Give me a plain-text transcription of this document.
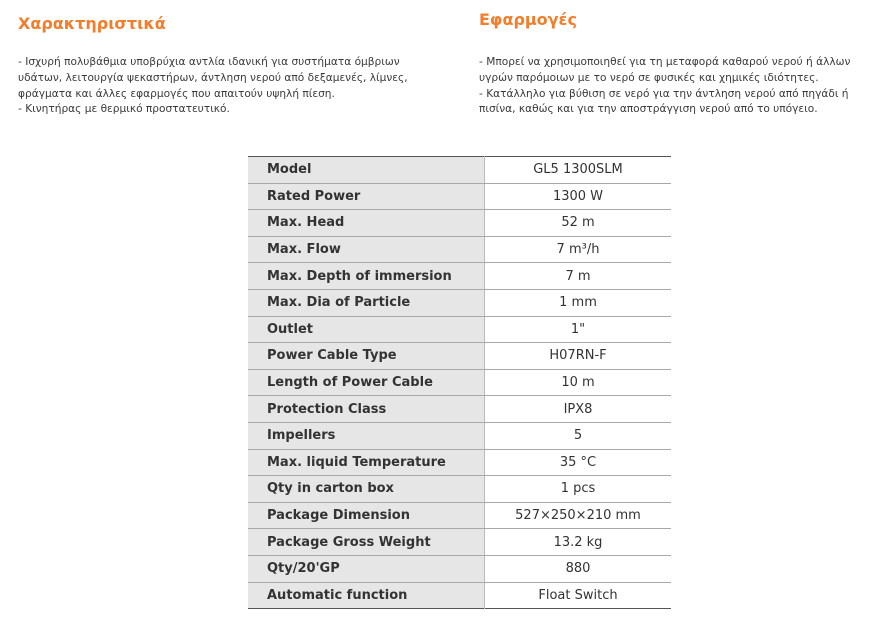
Χαρακτηριστικά
- Ισχυρή πολυβάθμια υποβρύχια αντλία ιδανική για συστήματα όμβριων
υδάτων, λειτουργία ψεκαστήρων, άντληση νερού από δεξαμενές, λίμνες,
φράγματα και άλλες εφαρμογές που απαιτούν υψηλή πίεση.
- Κινητήρας με θερμικό προστατευτικό.
Εφαρμογές
- Μπορεί να χρησιμοποιηθεί για τη μεταφορά καθαρού νερού ή άλλων
υγρών παρόμοιων με το νερό σε φυσικές και χημικές ιδιότητες.
- Κατάλληλο για βύθιση σε νερό για την άντληση νερού από πηγάδι ή
πισίνα, καθώς και για την αποστράγγιση νερού από το υπόγειο.
Model	GL5 1300SLM
Rated Power	1300 W
Max. Head	52 m
Max. Flow	7 m³/h
Max. Depth of immersion	7 m
Max. Dia of Particle	1 mm
Outlet	1"
Power Cable Type	H07RN-F
Length of Power Cable	10 m
Protection Class	IPX8
Impellers	5
Max. liquid Temperature	35 °C
Qty in carton box	1 pcs
Package Dimension	527×250×210 mm
Package Gross Weight	13.2 kg
Qty/20'GP	880
Automatic function	Float Switch
